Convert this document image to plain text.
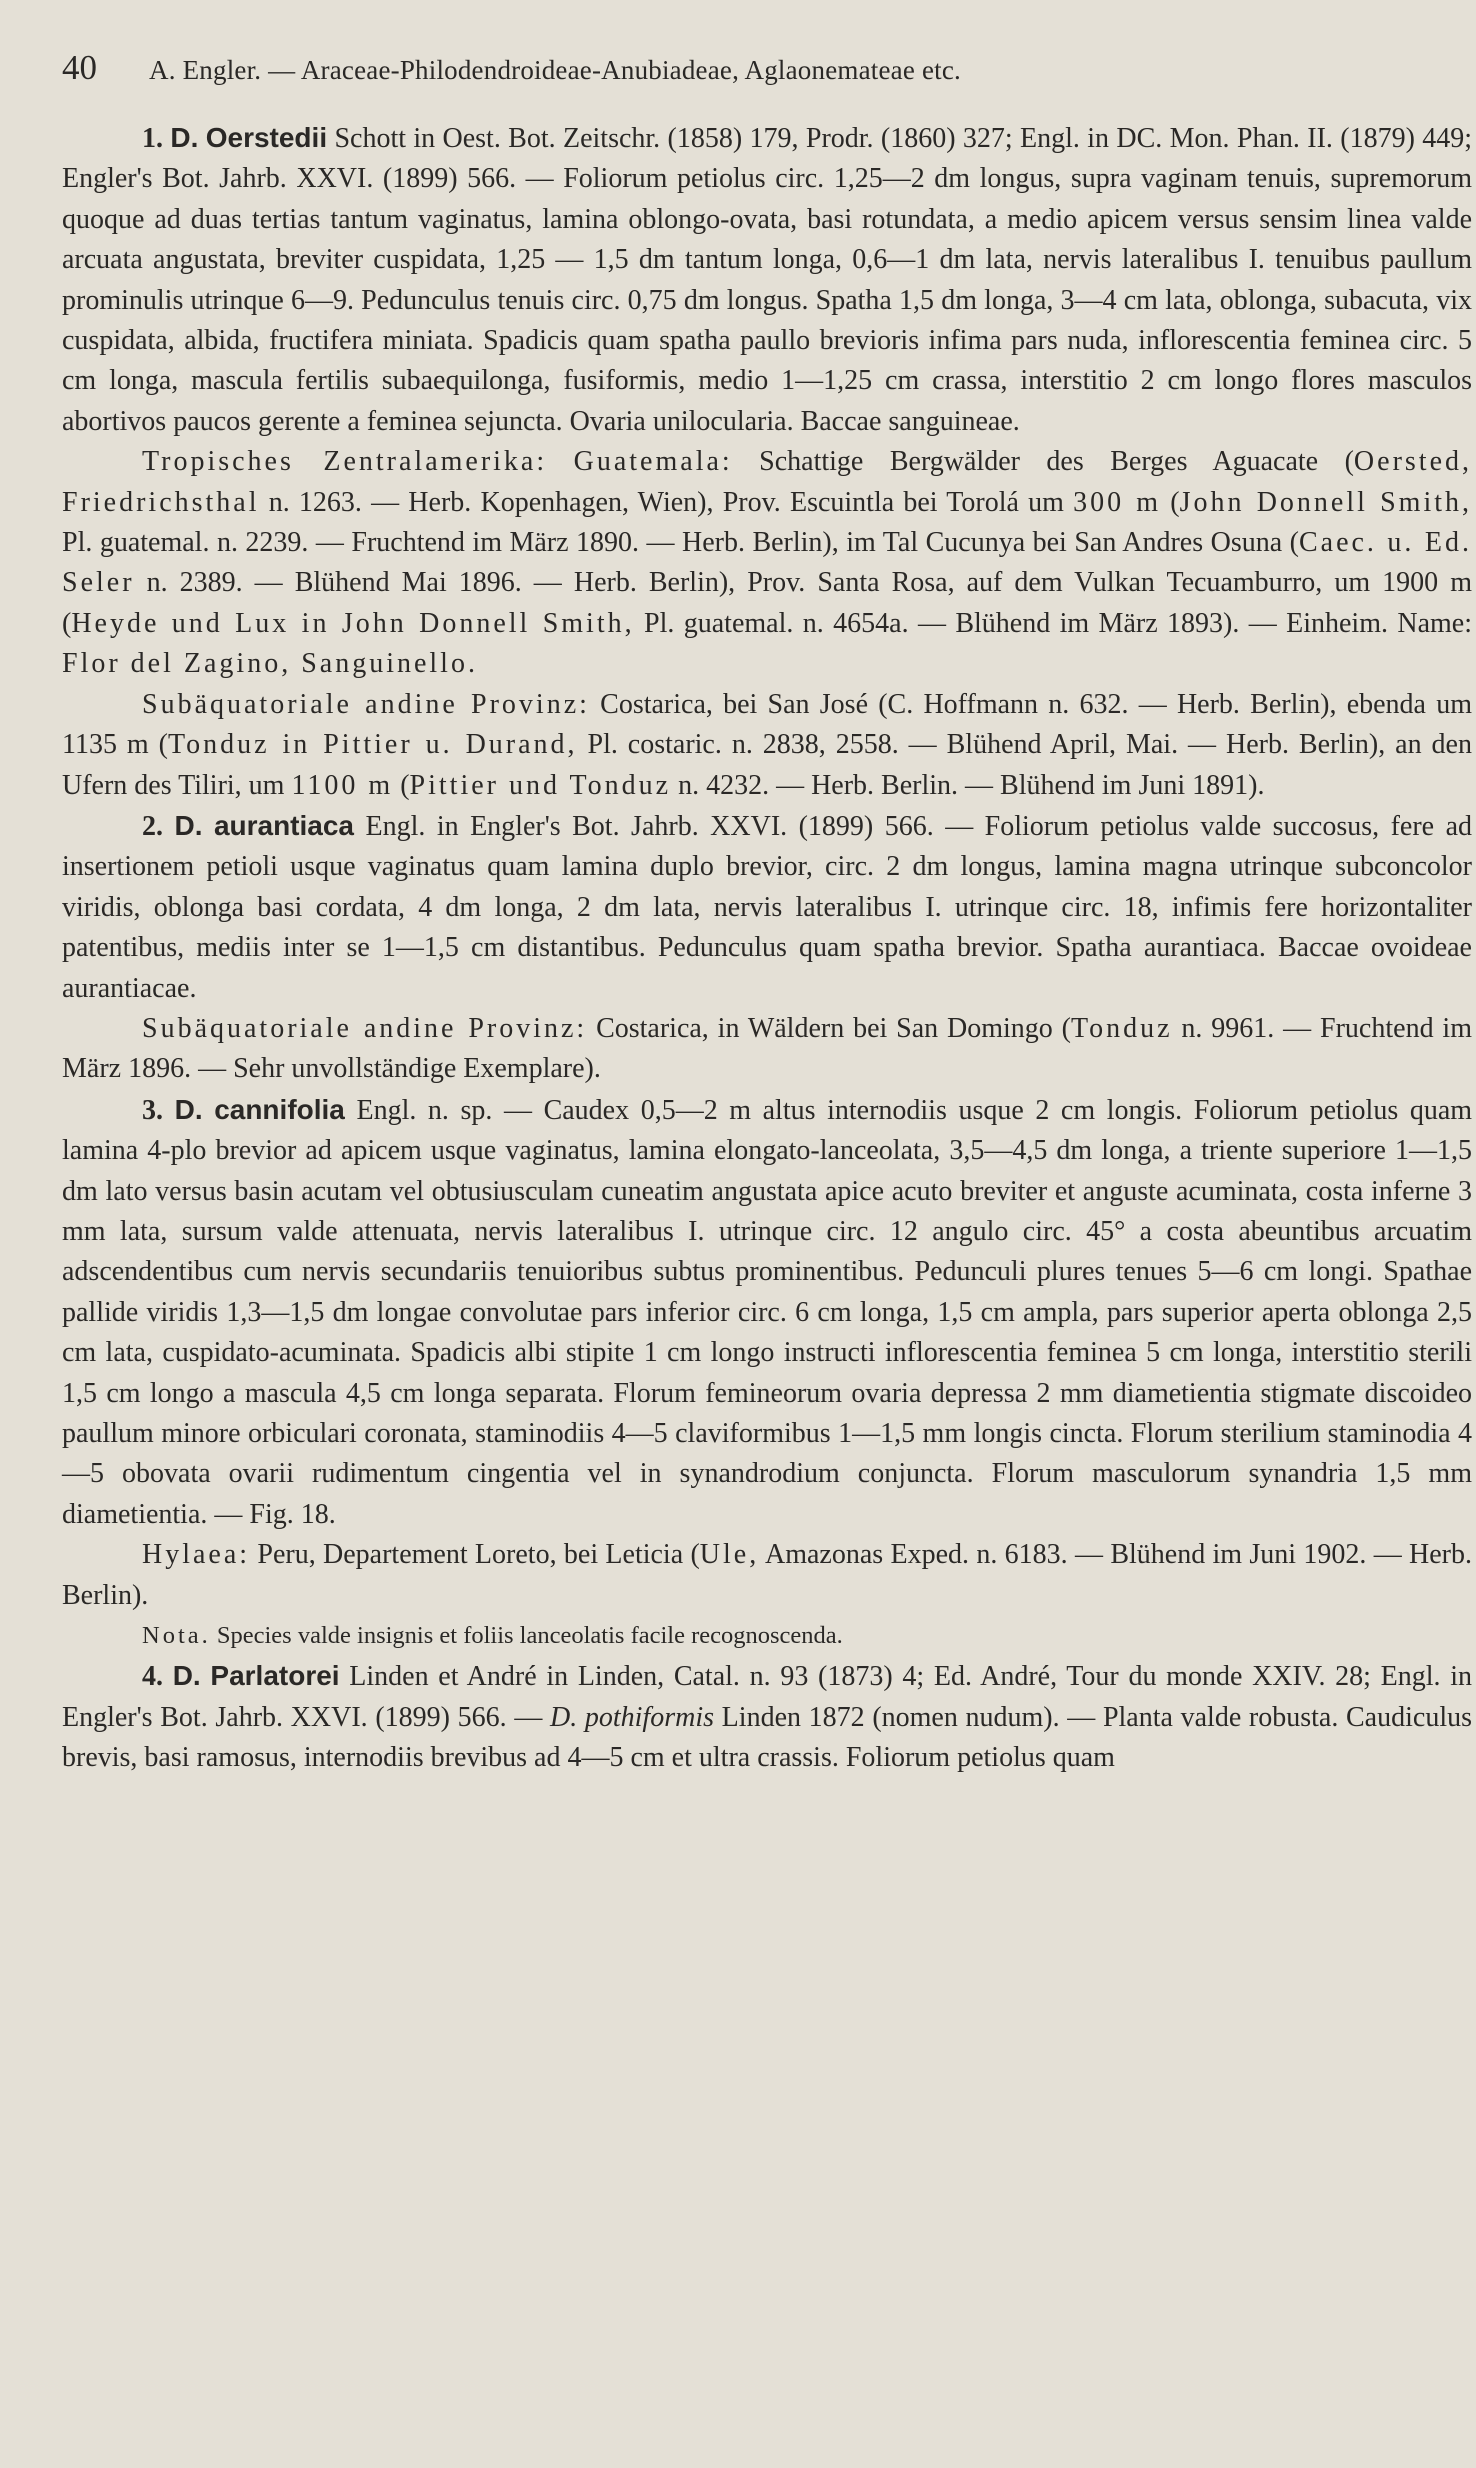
40 A. Engler. — Araceae-Philodendroideae-Anubiadeae, Aglaonemateae etc.

1. D. Oerstedii Schott in Oest. Bot. Zeitschr. (1858) 179, Prodr. (1860) 327; Engl. in DC. Mon. Phan. II. (1879) 449; Engler's Bot. Jahrb. XXVI. (1899) 566. — Foliorum petiolus circ. 1,25—2 dm longus, supra vaginam tenuis, supremorum quoque ad duas tertias tantum vaginatus, lamina oblongo-ovata, basi rotundata, a medio apicem versus sensim linea valde arcuata angustata, breviter cuspidata, 1,25 — 1,5 dm tantum longa, 0,6—1 dm lata, nervis lateralibus I. tenuibus paullum prominulis utrinque 6—9. Pedunculus tenuis circ. 0,75 dm longus. Spatha 1,5 dm longa, 3—4 cm lata, oblonga, subacuta, vix cuspidata, albida, fructifera miniata. Spadicis quam spatha paullo brevioris infima pars nuda, inflorescentia feminea circ. 5 cm longa, mascula fertilis subaequilonga, fusiformis, medio 1—1,25 cm crassa, interstitio 2 cm longo flores masculos abortivos paucos gerente a feminea sejuncta. Ovaria unilocularia. Baccae sanguineae.

Tropisches Zentralamerika: Guatemala: Schattige Bergwälder des Berges Aguacate (Oersted, Friedrichsthal n. 1263. — Herb. Kopenhagen, Wien), Prov. Escuintla bei Torolá um 300 m (John Donnell Smith, Pl. guatemal. n. 2239. — Fruchtend im März 1890. — Herb. Berlin), im Tal Cucunya bei San Andres Osuna (Caec. u. Ed. Seler n. 2389. — Blühend Mai 1896. — Herb. Berlin), Prov. Santa Rosa, auf dem Vulkan Tecuamburro, um 1900 m (Heyde und Lux in John Donnell Smith, Pl. guatemal. n. 4654a. — Blühend im März 1893). — Einheim. Name: Flor del Zagino, Sanguinello.

Subäquatoriale andine Provinz: Costarica, bei San José (C. Hoffmann n. 632. — Herb. Berlin), ebenda um 1135 m (Tonduz in Pittier u. Durand, Pl. costaric. n. 2838, 2558. — Blühend April, Mai. — Herb. Berlin), an den Ufern des Tiliri, um 1100 m (Pittier und Tonduz n. 4232. — Herb. Berlin. — Blühend im Juni 1891).

2. D. aurantiaca Engl. in Engler's Bot. Jahrb. XXVI. (1899) 566. — Foliorum petiolus valde succosus, fere ad insertionem petioli usque vaginatus quam lamina duplo brevior, circ. 2 dm longus, lamina magna utrinque subconcolor viridis, oblonga basi cordata, 4 dm longa, 2 dm lata, nervis lateralibus I. utrinque circ. 18, infimis fere horizontaliter patentibus, mediis inter se 1—1,5 cm distantibus. Pedunculus quam spatha brevior. Spatha aurantiaca. Baccae ovoideae aurantiacae.

Subäquatoriale andine Provinz: Costarica, in Wäldern bei San Domingo (Tonduz n. 9961. — Fruchtend im März 1896. — Sehr unvollständige Exemplare).

3. D. cannifolia Engl. n. sp. — Caudex 0,5—2 m altus internodiis usque 2 cm longis. Foliorum petiolus quam lamina 4-plo brevior ad apicem usque vaginatus, lamina elongato-lanceolata, 3,5—4,5 dm longa, a triente superiore 1—1,5 dm lato versus basin acutam vel obtusiusculam cuneatim angustata apice acuto breviter et anguste acuminata, costa inferne 3 mm lata, sursum valde attenuata, nervis lateralibus I. utrinque circ. 12 angulo circ. 45° a costa abeuntibus arcuatim adscendentibus cum nervis secundariis tenuioribus subtus prominentibus. Pedunculi plures tenues 5—6 cm longi. Spathae pallide viridis 1,3—1,5 dm longae convolutae pars inferior circ. 6 cm longa, 1,5 cm ampla, pars superior aperta oblonga 2,5 cm lata, cuspidato-acuminata. Spadicis albi stipite 1 cm longo instructi inflorescentia feminea 5 cm longa, interstitio sterili 1,5 cm longo a mascula 4,5 cm longa separata. Florum femineorum ovaria depressa 2 mm diametientia stigmate discoideo paullum minore orbiculari coronata, staminodiis 4—5 claviformibus 1—1,5 mm longis cincta. Florum sterilium staminodia 4—5 obovata ovarii rudimentum cingentia vel in synandrodium conjuncta. Florum masculorum synandria 1,5 mm diametientia. — Fig. 18.

Hylaea: Peru, Departement Loreto, bei Leticia (Ule, Amazonas Exped. n. 6183. — Blühend im Juni 1902. — Herb. Berlin).

Nota. Species valde insignis et foliis lanceolatis facile recognoscenda.

4. D. Parlatorei Linden et André in Linden, Catal. n. 93 (1873) 4; Ed. André, Tour du monde XXIV. 28; Engl. in Engler's Bot. Jahrb. XXVI. (1899) 566. — D. pothiformis Linden 1872 (nomen nudum). — Planta valde robusta. Caudiculus brevis, basi ramosus, internodiis brevibus ad 4—5 cm et ultra crassis. Foliorum petiolus quam
